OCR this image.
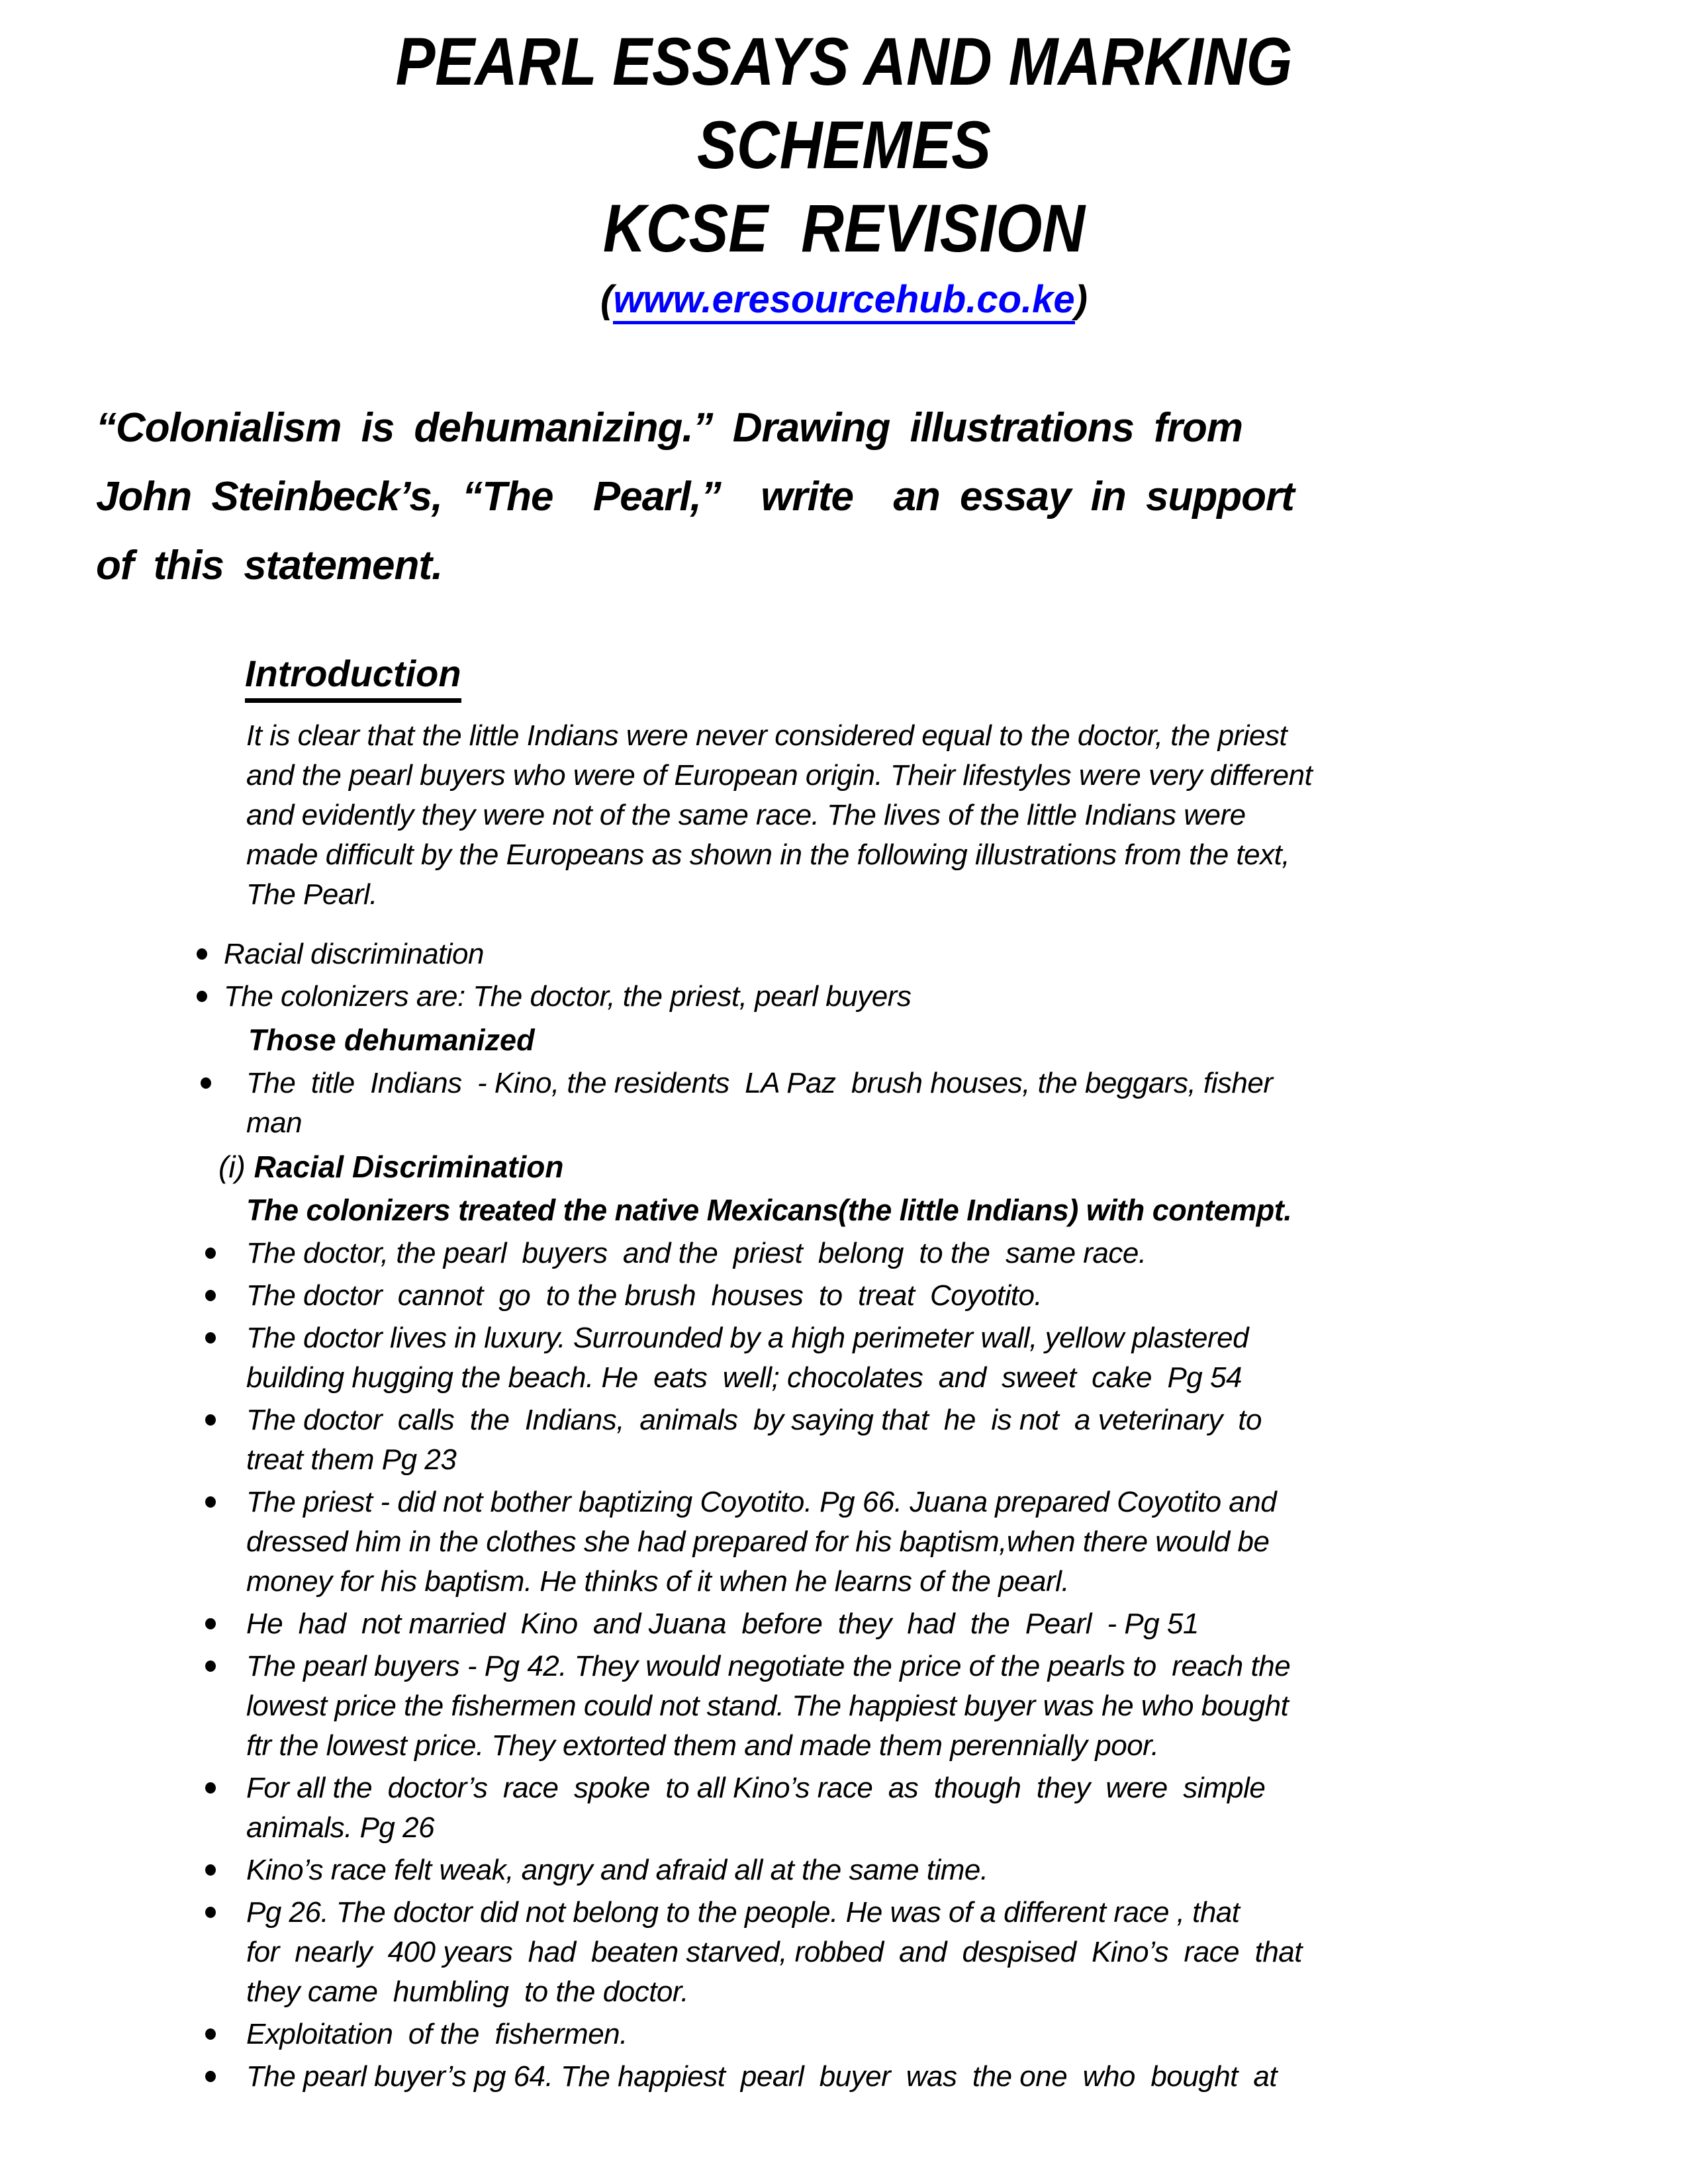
PEARL ESSAYS AND MARKING
SCHEMES
KCSE  REVISION
(www.eresourcehub.co.ke)
“Colonialism is dehumanizing.” Drawing illustrations from
John Steinbeck’s, “The  Pearl,”  write  an essay in support
of this statement.
Introduction
It is clear that the little Indians were never considered equal to the doctor, the priest
and the pearl buyers who were of European origin. Their lifestyles were very different
and evidently they were not of the same race. The lives of the little Indians were
made difficult by the Europeans as shown in the following illustrations from the text,
The Pearl.
Racial discrimination
The colonizers are: The doctor, the priest, pearl buyers
Those dehumanized
The  title  Indians  - Kino, the residents  LA Paz  brush houses, the beggars, fisher
man
(i) Racial Discrimination
The colonizers treated the native Mexicans(the little Indians) with contempt.
The doctor, the pearl  buyers  and the  priest  belong  to the  same race.
The doctor  cannot  go  to the brush  houses  to  treat  Coyotito.
The doctor lives in luxury. Surrounded by a high perimeter wall, yellow plastered
building hugging the beach. He  eats  well; chocolates  and  sweet  cake  Pg 54
The doctor  calls  the  Indians,  animals  by saying that  he  is not  a veterinary  to
treat them Pg 23
The priest - did not bother baptizing Coyotito. Pg 66. Juana prepared Coyotito and
dressed him in the clothes she had prepared for his baptism,when there would be
money for his baptism. He thinks of it when he learns of the pearl.
He  had  not married  Kino  and Juana  before  they  had  the  Pearl  - Pg 51
The pearl buyers - Pg 42. They would negotiate the price of the pearls to  reach the
lowest price the fishermen could not stand. The happiest buyer was he who bought
ftr the lowest price. They extorted them and made them perennially poor.
For all the  doctor’s  race  spoke  to all Kino’s race  as  though  they  were  simple
animals. Pg 26
Kino’s race felt weak, angry and afraid all at the same time.
Pg 26. The doctor did not belong to the people. He was of a different race , that
for  nearly  400 years  had  beaten starved, robbed  and  despised  Kino’s  race  that
they came  humbling  to the doctor.
Exploitation  of the  fishermen.
The pearl buyer’s pg 64. The happiest  pearl  buyer  was  the one  who  bought  at
